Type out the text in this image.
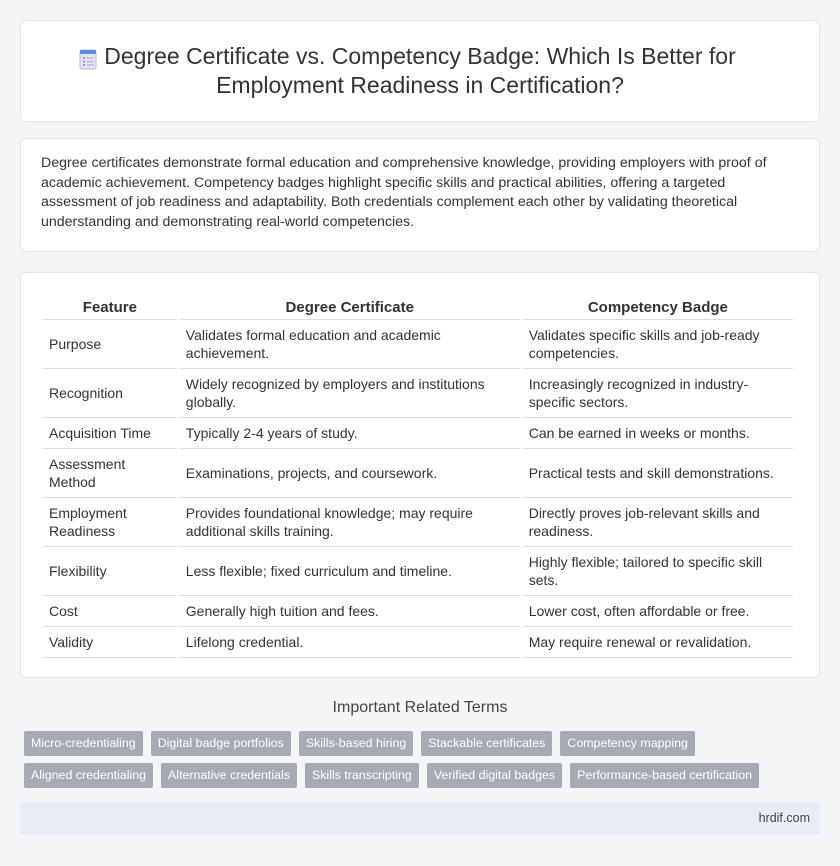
Degree Certificate vs. Competency Badge: Which Is Better for Employment Readiness in Certification?

Degree certificates demonstrate formal education and comprehensive knowledge, providing employers with proof of academic achievement. Competency badges highlight specific skills and practical abilities, offering a targeted assessment of job readiness and adaptability. Both credentials complement each other by validating theoretical understanding and demonstrating real-world competencies.

Feature	Degree Certificate	Competency Badge
Purpose	Validates formal education and academic achievement.	Validates specific skills and job-ready competencies.
Recognition	Widely recognized by employers and institutions globally.	Increasingly recognized in industry-specific sectors.
Acquisition Time	Typically 2-4 years of study.	Can be earned in weeks or months.
Assessment Method	Examinations, projects, and coursework.	Practical tests and skill demonstrations.
Employment Readiness	Provides foundational knowledge; may require additional skills training.	Directly proves job-relevant skills and readiness.
Flexibility	Less flexible; fixed curriculum and timeline.	Highly flexible; tailored to specific skill sets.
Cost	Generally high tuition and fees.	Lower cost, often affordable or free.
Validity	Lifelong credential.	May require renewal or revalidation.
Important Related Terms
Micro-credentialing	Digital badge portfolios	Skills-based hiring	Stackable certificates	Competency mapping
Aligned credentialing	Alternative credentials	Skills transcripting	Verified digital badges	Performance-based certification
hrdif.com
